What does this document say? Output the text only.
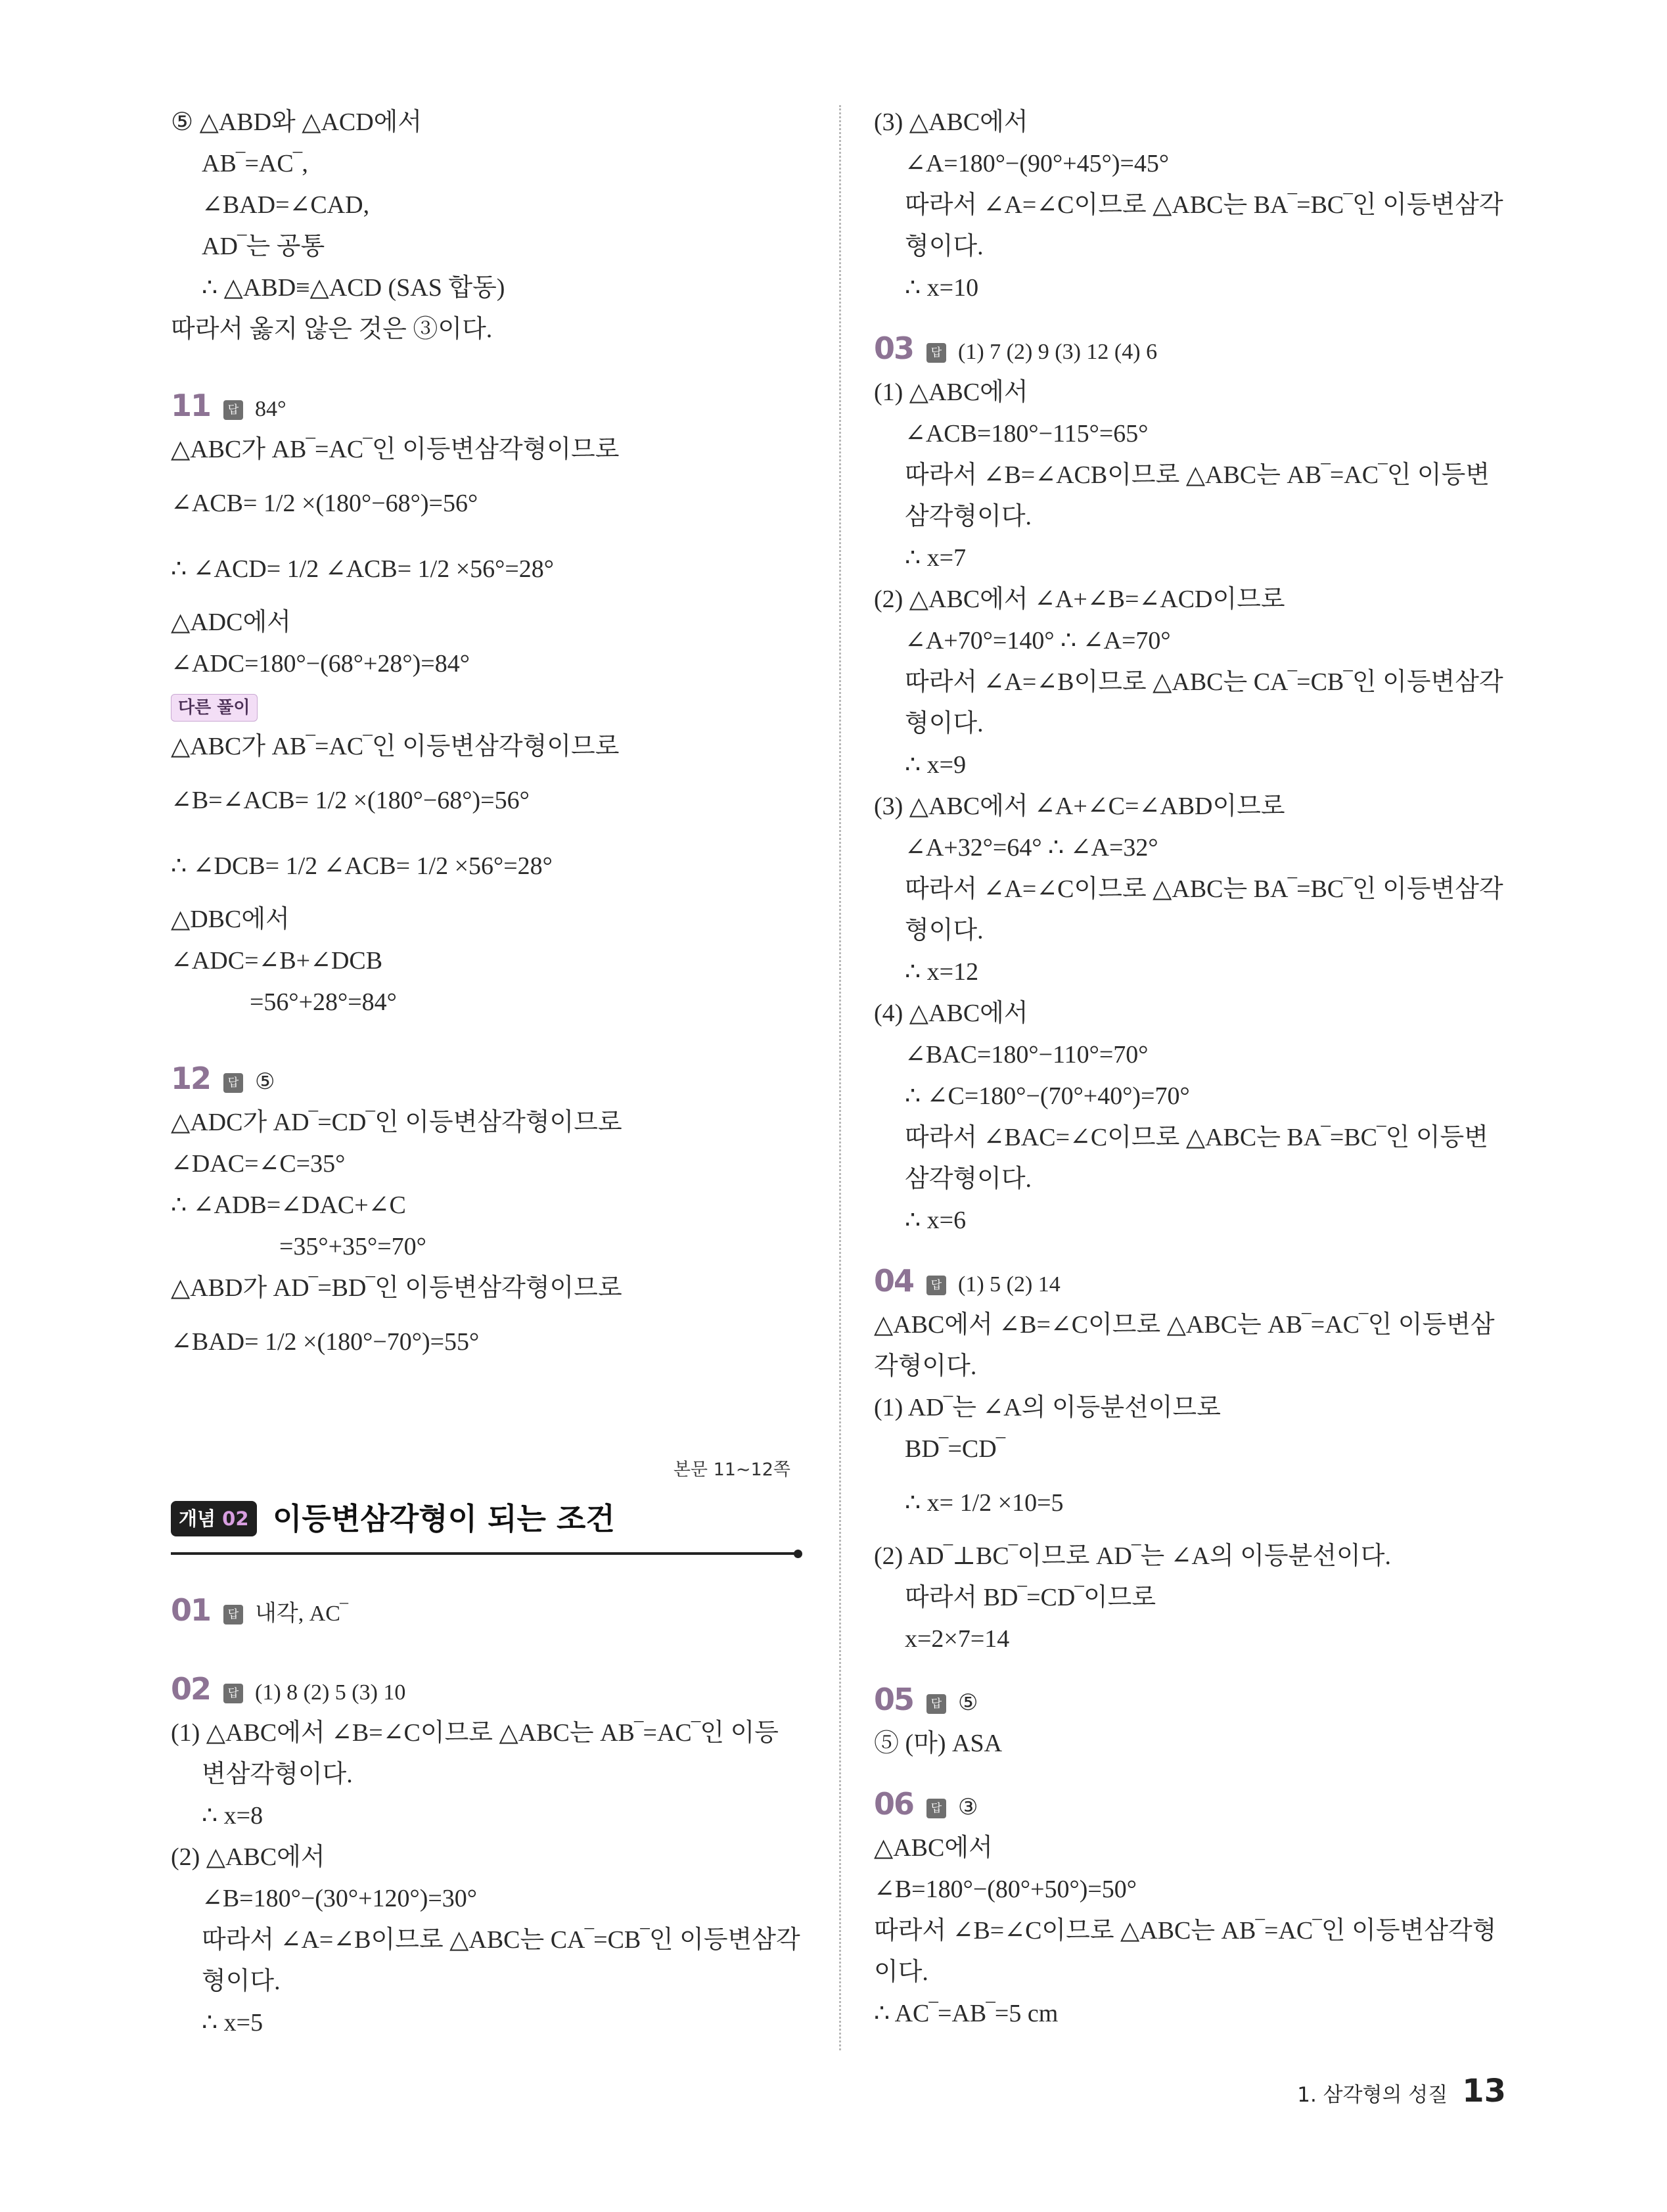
⑤ △ABD와 △ACD에서
AB‾=AC‾,
∠BAD=∠CAD,
AD‾는 공통
∴ △ABD≡△ACD (SAS 합동)
따라서 옳지 않은 것은 ③이다.
11 답 84°
△ABC가 AB‾=AC‾인 이등변삼각형이므로
∠ACB= 1/2 ×(180°−68°)=56°
∴ ∠ACD= 1/2 ∠ACB= 1/2 ×56°=28°
△ADC에서
∠ADC=180°−(68°+28°)=84°
다른 풀이
△ABC가 AB‾=AC‾인 이등변삼각형이므로
∠B=∠ACB= 1/2 ×(180°−68°)=56°
∴ ∠DCB= 1/2 ∠ACB= 1/2 ×56°=28°
△DBC에서
∠ADC=∠B+∠DCB
=56°+28°=84°
12 답 ⑤
△ADC가 AD‾=CD‾인 이등변삼각형이므로
∠DAC=∠C=35°
∴ ∠ADB=∠DAC+∠C
=35°+35°=70°
△ABD가 AD‾=BD‾인 이등변삼각형이므로
∠BAD= 1/2 ×(180°−70°)=55°
본문 11∼12쪽
개념 02 이등변삼각형이 되는 조건
01 답 내각, AC‾
02 답 (1) 8 (2) 5 (3) 10
(1) △ABC에서 ∠B=∠C이므로 △ABC는 AB‾=AC‾인 이등
변삼각형이다.
∴ x=8
(2) △ABC에서
∠B=180°−(30°+120°)=30°
따라서 ∠A=∠B이므로 △ABC는 CA‾=CB‾인 이등변삼각
형이다.
∴ x=5
(3) △ABC에서
∠A=180°−(90°+45°)=45°
따라서 ∠A=∠C이므로 △ABC는 BA‾=BC‾인 이등변삼각
형이다.
∴ x=10
03 답 (1) 7 (2) 9 (3) 12 (4) 6
(1) △ABC에서
∠ACB=180°−115°=65°
따라서 ∠B=∠ACB이므로 △ABC는 AB‾=AC‾인 이등변
삼각형이다.
∴ x=7
(2) △ABC에서 ∠A+∠B=∠ACD이므로
∠A+70°=140° ∴ ∠A=70°
따라서 ∠A=∠B이므로 △ABC는 CA‾=CB‾인 이등변삼각
형이다.
∴ x=9
(3) △ABC에서 ∠A+∠C=∠ABD이므로
∠A+32°=64° ∴ ∠A=32°
따라서 ∠A=∠C이므로 △ABC는 BA‾=BC‾인 이등변삼각
형이다.
∴ x=12
(4) △ABC에서
∠BAC=180°−110°=70°
∴ ∠C=180°−(70°+40°)=70°
따라서 ∠BAC=∠C이므로 △ABC는 BA‾=BC‾인 이등변
삼각형이다.
∴ x=6
04 답 (1) 5 (2) 14
△ABC에서 ∠B=∠C이므로 △ABC는 AB‾=AC‾인 이등변삼
각형이다.
(1) AD‾는 ∠A의 이등분선이므로
BD‾=CD‾
∴ x= 1/2 ×10=5
(2) AD‾⊥BC‾이므로 AD‾는 ∠A의 이등분선이다.
따라서 BD‾=CD‾이므로
x=2×7=14
05 답 ⑤
⑤ (마) ASA
06 답 ③
△ABC에서
∠B=180°−(80°+50°)=50°
따라서 ∠B=∠C이므로 △ABC는 AB‾=AC‾인 이등변삼각형
이다.
∴ AC‾=AB‾=5 cm
1. 삼각형의 성질 13
